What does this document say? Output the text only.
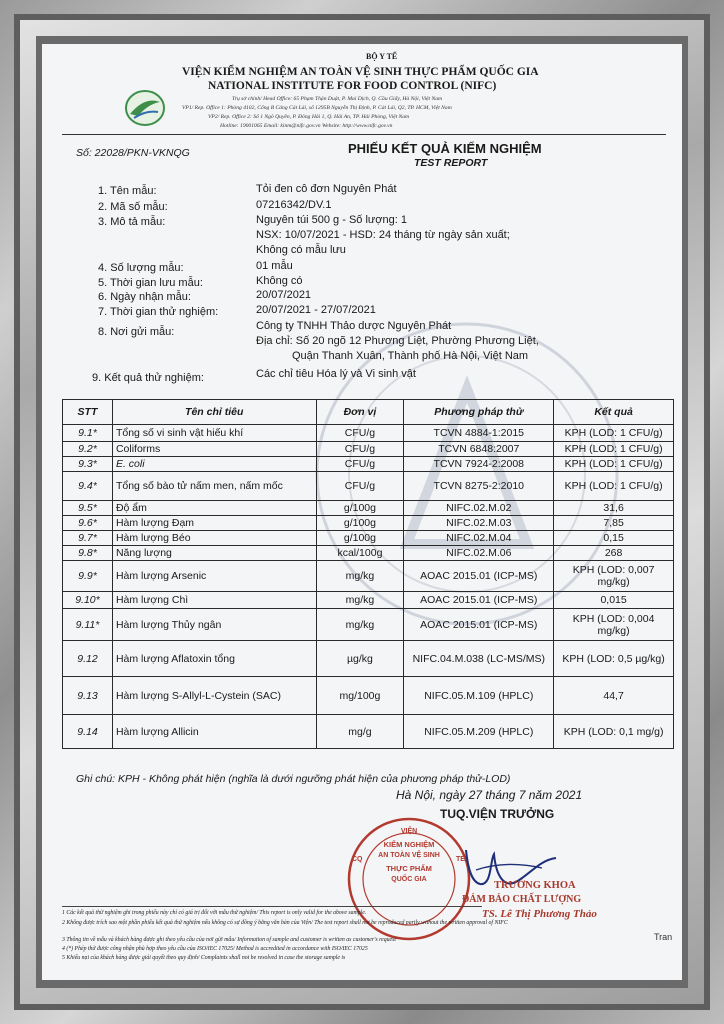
BỘ Y TẾ
VIỆN KIỂM NGHIỆM AN TOÀN VỆ SINH THỰC PHẨM QUỐC GIA
NATIONAL INSTITUTE FOR FOOD CONTROL (NIFC)
Trụ sở chính/ Head Office: 65 Phạm Thận Duật, P. Mai Dịch, Q. Cầu Giấy, Hà Nội, Việt Nam
VP1/ Rep. Office 1: Phòng 4102, Cống B Cảng Cát Lái, số 1295B Nguyễn Thị Định, P. Cát Lái, Q2, TP. HCM, Việt Nam
VP2/ Rep. Office 2: Số 1 Ngô Quyền, P. Đông Hải 1, Q. Hải An, TP. Hải Phòng, Việt Nam
Hotline: 19001065 Email: kinm@nifc.gov.vn Website: http://www.nifc.gov.vn
Số: 22028/PKN-VKNQG	PHIẾU KẾT QUẢ KIỂM NGHIỆM
TEST REPORT
1. Tên mẫu:	Tỏi đen cô đơn Nguyên Phát
2. Mã số mẫu:	07216342/DV.1
3. Mô tả mẫu:	Nguyên túi 500 g - Số lượng: 1
NSX: 10/07/2021 - HSD: 24 tháng từ ngày sản xuất;
Không có mẫu lưu
4. Số lượng mẫu:	01 mẫu
5. Thời gian lưu mẫu:	Không có
6. Ngày nhận mẫu:	20/07/2021
7. Thời gian thử nghiệm:	20/07/2021 - 27/07/2021
8. Nơi gửi mẫu:	Công ty TNHH Thảo dược Nguyên Phát
Địa chỉ: Số 20 ngõ 12 Phương Liệt, Phường Phương Liệt,
Quận Thanh Xuân, Thành phố Hà Nội, Việt Nam
9. Kết quả thử nghiệm:	Các chỉ tiêu Hóa lý và Vi sinh vật
STT	Tên chỉ tiêu	Đơn vị	Phương pháp thử	Kết quả
9.1*	Tổng số vi sinh vật hiếu khí	CFU/g	TCVN 4884-1:2015	KPH (LOD: 1 CFU/g)
9.2*	Coliforms	CFU/g	TCVN 6848:2007	KPH (LOD: 1 CFU/g)
9.3*	E. coli	CFU/g	TCVN 7924-2:2008	KPH (LOD: 1 CFU/g)
9.4*	Tổng số bào tử nấm men, nấm mốc	CFU/g	TCVN 8275-2:2010	KPH (LOD: 1 CFU/g)
9.5*	Độ ẩm	g/100g	NIFC.02.M.02	31,6
9.6*	Hàm lượng Đạm	g/100g	NIFC.02.M.03	7,85
9.7*	Hàm lượng Béo	g/100g	NIFC.02.M.04	0,15
9.8*	Năng lượng	kcal/100g	NIFC.02.M.06	268
9.9*	Hàm lượng Arsenic	mg/kg	AOAC 2015.01 (ICP-MS)	KPH (LOD: 0,007 mg/kg)
9.10*	Hàm lượng Chì	mg/kg	AOAC 2015.01 (ICP-MS)	0,015
9.11*	Hàm lượng Thủy ngân	mg/kg	AOAC 2015.01 (ICP-MS)	KPH (LOD: 0,004 mg/kg)
9.12	Hàm lượng Aflatoxin tổng	µg/kg	NIFC.04.M.038 (LC-MS/MS)	KPH (LOD: 0,5 µg/kg)
9.13	Hàm lượng S-Allyl-L-Cystein (SAC)	mg/100g	NIFC.05.M.109 (HPLC)	44,7
9.14	Hàm lượng Allicin	mg/g	NIFC.05.M.209 (HPLC)	KPH (LOD: 0,1 mg/g)
Ghi chú: KPH - Không phát hiện (nghĩa là dưới ngưỡng phát hiện của phương pháp thử-LOD)
Hà Nội, ngày 27 tháng 7 năm 2021
TUQ.VIỆN TRƯỞNG
VIỆN
KIỂM NGHIỆM
AN TOÀN VỆ SINH
THỰC PHẨM
QUỐC GIA
CQ	TE
TRƯỞNG KHOA
ĐẢM BẢO CHẤT LƯỢNG
TS. Lê Thị Phương Thảo
1 Các kết quả thử nghiệm ghi trong phiếu này chỉ có giá trị đối với mẫu thử nghiệm/ This report is only valid for the above sample.
2 Không được trích sao một phần phiếu kết quả thử nghiệm nếu không có sự đồng ý bằng văn bản của Viện/ The test report shall not be reproduced partly without the written approval of NIFC
3 Thông tin về mẫu và khách hàng được ghi theo yêu cầu của nơi gửi mẫu/ Information of sample and customer is written as customer's request
4 (*) Phép thử được công nhận phù hợp theo yêu cầu của ISO/IEC 17025/ Method is accredited in accordance with ISO/IEC 17025
5 Khiếu nại của khách hàng được giải quyết theo quy định/ Complaints shall not be resolved in case the storage sample is
Tran
